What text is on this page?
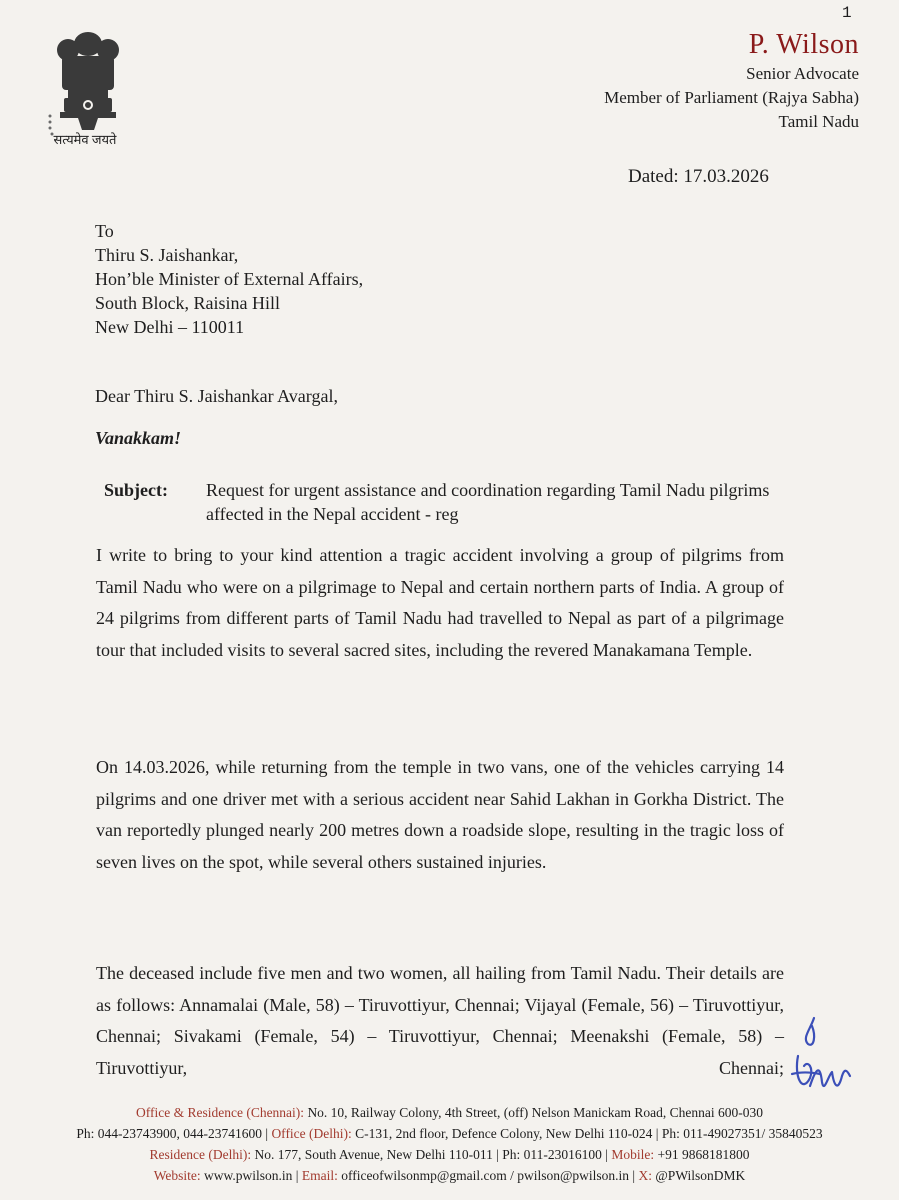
सत्यमेव जयते
1
P. Wilson
Senior Advocate
Member of Parliament (Rajya Sabha)
Tamil Nadu
Dated: 17.03.2026
To
Thiru S. Jaishankar,
Hon’ble Minister of External Affairs,
South Block, Raisina Hill
New Delhi – 110011
Dear Thiru S. Jaishankar Avargal,
Vanakkam!
Subject: Request for urgent assistance and coordination regarding Tamil Nadu pilgrims affected in the Nepal accident - reg
I write to bring to your kind attention a tragic accident involving a group of pilgrims from Tamil Nadu who were on a pilgrimage to Nepal and certain northern parts of India. A group of 24 pilgrims from different parts of Tamil Nadu had travelled to Nepal as part of a pilgrimage tour that included visits to several sacred sites, including the revered Manakamana Temple.
On 14.03.2026, while returning from the temple in two vans, one of the vehicles carrying 14 pilgrims and one driver met with a serious accident near Sahid Lakhan in Gorkha District. The van reportedly plunged nearly 200 metres down a roadside slope, resulting in the tragic loss of seven lives on the spot, while several others sustained injuries.
The deceased include five men and two women, all hailing from Tamil Nadu. Their details are as follows: Annamalai (Male, 58) – Tiruvottiyur, Chennai; Vijayal (Female, 56) – Tiruvottiyur, Chennai; Sivakami (Female, 54) – Tiruvottiyur, Chennai; Meenakshi (Female, 58) – Tiruvottiyur, Chennai;
Office & Residence (Chennai): No. 10, Railway Colony, 4th Street, (off) Nelson Manickam Road, Chennai 600-030
Ph: 044-23743900, 044-23741600 | Office (Delhi): C-131, 2nd floor, Defence Colony, New Delhi 110-024 | Ph: 011-49027351/ 35840523
Residence (Delhi): No. 177, South Avenue, New Delhi 110-011 | Ph: 011-23016100 | Mobile: +91 9868181800
Website: www.pwilson.in | Email: officeofwilsonmp@gmail.com / pwilson@pwilson.in | X: @PWilsonDMK
